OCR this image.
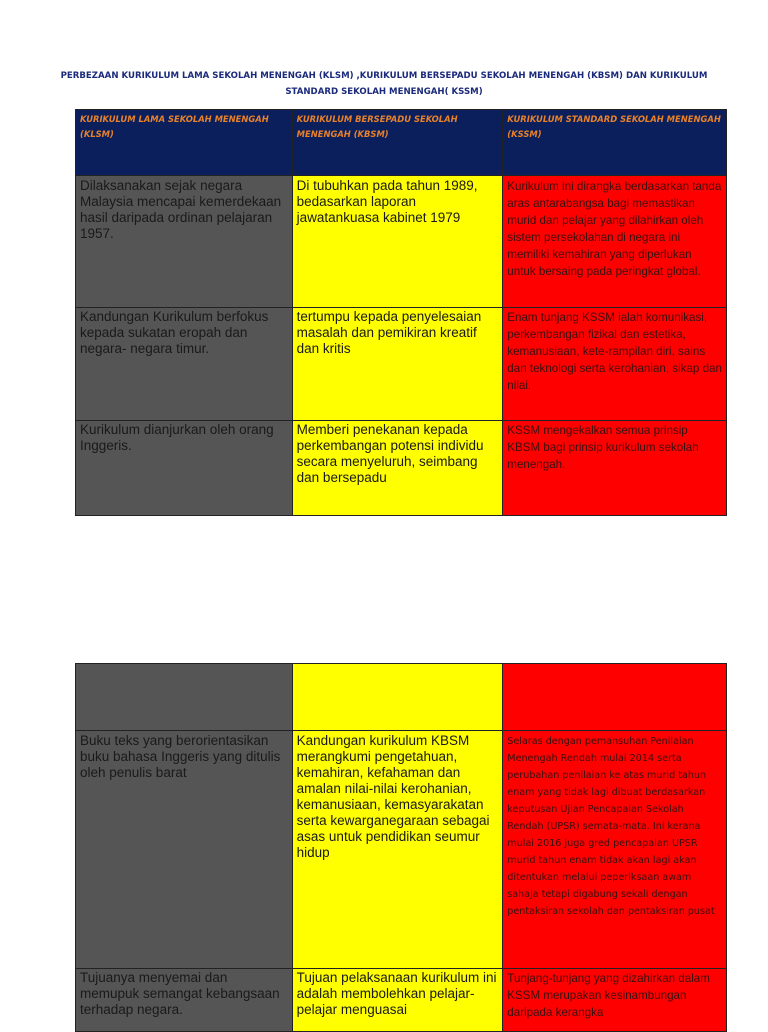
PERBEZAAN KURIKULUM LAMA SEKOLAH MENENGAH (KLSM) ,KURIKULUM BERSEPADU SEKOLAH MENENGAH (KBSM) DAN KURIKULUM
STANDARD SEKOLAH MENENGAH( KSSM)
KURIKULUM LAMA SEKOLAH MENENGAH (KLSM)	KURIKULUM BERSEPADU SEKOLAH MENENGAH (KBSM)	KURIKULUM STANDARD SEKOLAH MENENGAH (KSSM)
Dilaksanakan sejak negara Malaysia mencapai kemerdekaan hasil daripada ordinan pelajaran 1957.	Di tubuhkan pada tahun 1989, bedasarkan laporan jawatankuasa kabinet 1979	Kurikulum ini dirangka berdasarkan tanda aras antarabangsa bagi memastikan murid dan pelajar yang dilahirkan oleh sistem persekolahan di negara ini memiliki kemahiran yang diperlukan untuk bersaing pada peringkat global.
Kandungan Kurikulum berfokus kepada sukatan eropah dan negara- negara timur.	tertumpu kepada penyelesaian masalah dan pemikiran kreatif dan kritis	Enam tunjang KSSM ialah komunikasi, perkembangan fizikal dan estetika, kemanusiaan, kete-rampilan diri, sains dan teknologi serta kerohanian, sikap dan nilai.
Kurikulum dianjurkan oleh orang Inggeris.	Memberi penekanan kepada perkembangan potensi individu secara menyeluruh, seimbang dan bersepadu	KSSM mengekalkan semua prinsip KBSM bagi prinsip kurikulum sekolah menengah.

Buku teks yang berorientasikan buku bahasa Inggeris yang ditulis oleh penulis barat	Kandungan kurikulum KBSM merangkumi pengetahuan, kemahiran, kefahaman dan amalan nilai-nilai kerohanian, kemanusiaan, kemasyarakatan serta kewarganegaraan sebagai asas untuk pendidikan seumur hidup	Selaras dengan pemansuhan Penilaian Menengah Rendah mulai 2014 serta perubahan penilaian ke atas murid tahun enam yang tidak lagi dibuat berdasarkan keputusan Ujian Pencapaian Sekolah Rendah (UPSR) semata-mata. Ini kerana mulai 2016 juga gred pencapaian UPSR murid tahun enam tidak akan lagi akan ditentukan melalui peperiksaan awam sahaja tetapi digabung sekali dengan pentaksiran sekolah dan pentaksiran pusat
Tujuanya menyemai dan memupuk semangat kebangsaan terhadap negara.	Tujuan pelaksanaan kurikulum ini adalah membolehkan pelajar-pelajar menguasai	Tunjang-tunjang yang dizahirkan dalam KSSM merupakan kesinambungan daripada kerangka
